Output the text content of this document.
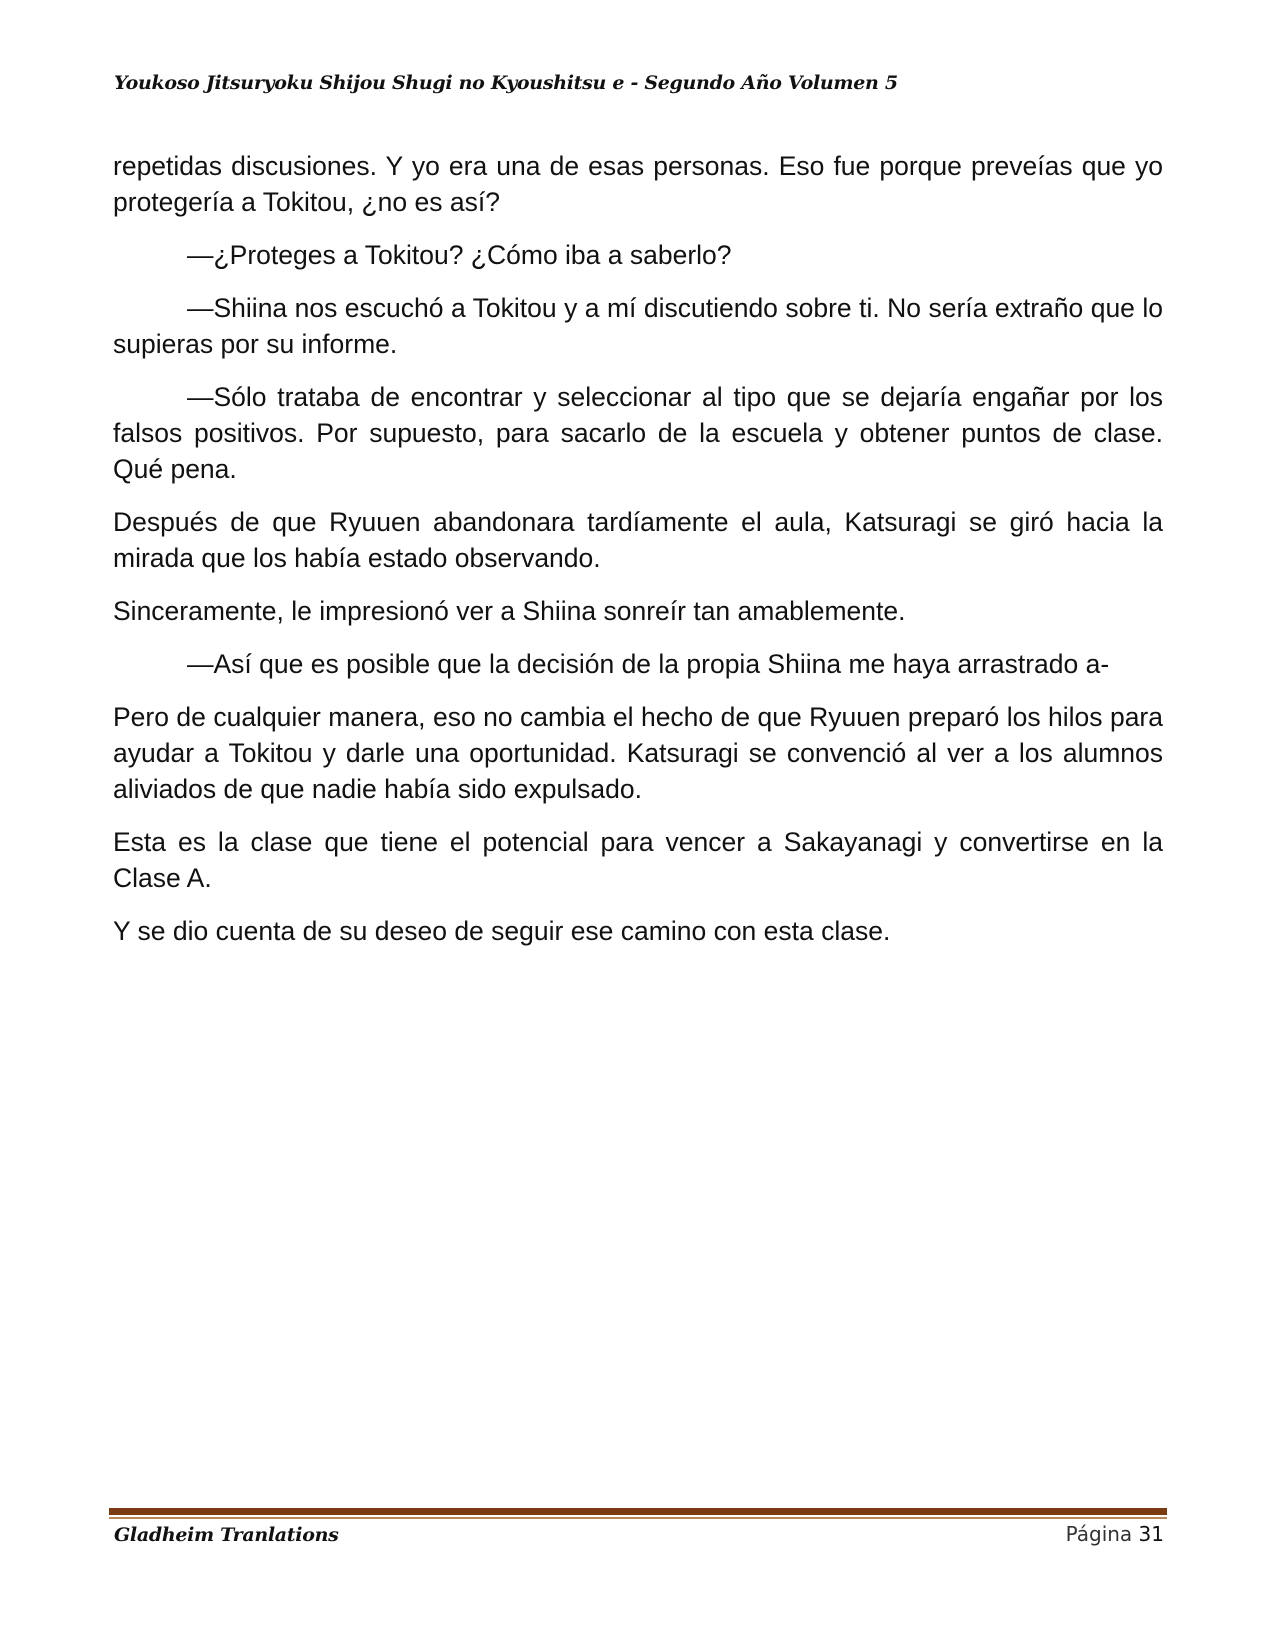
Youkoso Jitsuryoku Shijou Shugi no Kyoushitsu e - Segundo Año Volumen 5

repetidas discusiones. Y yo era una de esas personas. Eso fue porque preveías que yo protegería a Tokitou, ¿no es así?

—¿Proteges a Tokitou? ¿Cómo iba a saberlo?

—Shiina nos escuchó a Tokitou y a mí discutiendo sobre ti. No sería extraño que lo supieras por su informe.

—Sólo trataba de encontrar y seleccionar al tipo que se dejaría engañar por los falsos positivos. Por supuesto, para sacarlo de la escuela y obtener puntos de clase. Qué pena.

Después de que Ryuuen abandonara tardíamente el aula, Katsuragi se giró hacia la mirada que los había estado observando.

Sinceramente, le impresionó ver a Shiina sonreír tan amablemente.

—Así que es posible que la decisión de la propia Shiina me haya arrastrado a-

Pero de cualquier manera, eso no cambia el hecho de que Ryuuen preparó los hilos para ayudar a Tokitou y darle una oportunidad. Katsuragi se convenció al ver a los alumnos aliviados de que nadie había sido expulsado.

Esta es la clase que tiene el potencial para vencer a Sakayanagi y convertirse en la Clase A.

Y se dio cuenta de su deseo de seguir ese camino con esta clase.

Gladheim Tranlations	Página 31
